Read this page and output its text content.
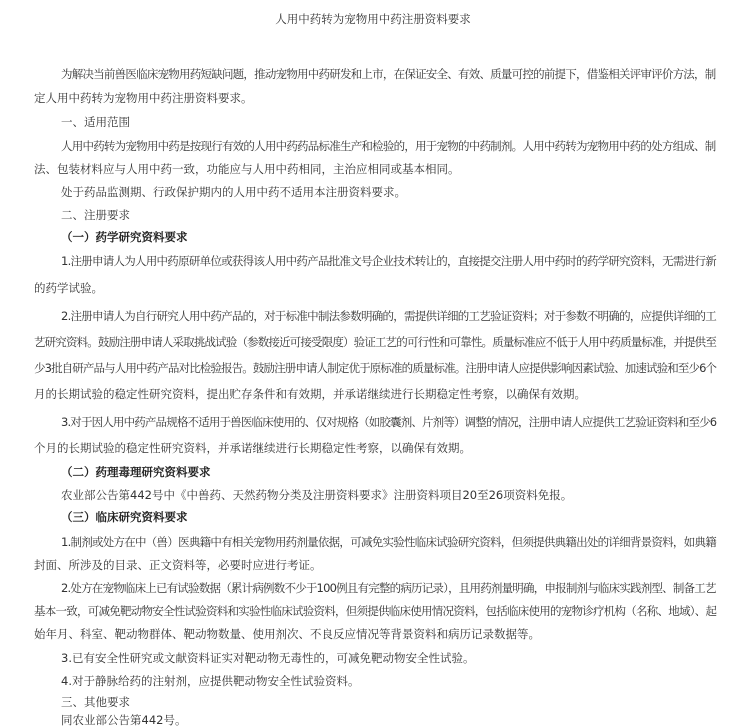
人用中药转为宠物用中药注册资料要求
为解决当前兽医临床宠物用药短缺问题，推动宠物用中药研发和上市，在保证安全、有效、质量可控的前提下，借鉴相关评审评价方法，制
定人用中药转为宠物用中药注册资料要求。
一、适用范围
人用中药转为宠物用中药是按现行有效的人用中药药品标准生产和检验的，用于宠物的中药制剂。人用中药转为宠物用中药的处方组成、制
法、包装材料应与人用中药一致，功能应与人用中药相同，主治应相同或基本相同。
处于药品监测期、行政保护期内的人用中药不适用本注册资料要求。
二、注册要求
（一）药学研究资料要求
1.注册申请人为人用中药原研单位或获得该人用中药产品批准文号企业技术转让的，直接提交注册人用中药时的药学研究资料，无需进行新
的药学试验。
2.注册申请人为自行研究人用中药产品的，对于标准中制法参数明确的，需提供详细的工艺验证资料；对于参数不明确的，应提供详细的工
艺研究资料。鼓励注册申请人采取挑战试验（参数接近可接受限度）验证工艺的可行性和可靠性。质量标准应不低于人用中药质量标准，并提供至
少3批自研产品与人用中药产品对比检验报告。鼓励注册申请人制定优于原标准的质量标准。注册申请人应提供影响因素试验、加速试验和至少6个
月的长期试验的稳定性研究资料，提出贮存条件和有效期，并承诺继续进行长期稳定性考察，以确保有效期。
3.对于因人用中药产品规格不适用于兽医临床使用的、仅对规格（如胶囊剂、片剂等）调整的情况，注册申请人应提供工艺验证资料和至少6
个月的长期试验的稳定性研究资料，并承诺继续进行长期稳定性考察，以确保有效期。
（二）药理毒理研究资料要求
农业部公告第442号中《中兽药、天然药物分类及注册资料要求》注册资料项目20至26项资料免报。
（三）临床研究资料要求
1.制剂或处方在中（兽）医典籍中有相关宠物用药剂量依据，可减免实验性临床试验研究资料，但须提供典籍出处的详细背景资料，如典籍
封面、所涉及的目录、正文资料等，必要时应进行考证。
2.处方在宠物临床上已有试验数据（累计病例数不少于100例且有完整的病历记录），且用药剂量明确，申报制剂与临床实践剂型、制备工艺
基本一致，可减免靶动物安全性试验资料和实验性临床试验资料，但须提供临床使用情况资料，包括临床使用的宠物诊疗机构（名称、地域）、起
始年月、科室、靶动物群体、靶动物数量、使用剂次、不良反应情况等背景资料和病历记录数据等。
3.已有安全性研究或文献资料证实对靶动物无毒性的，可减免靶动物安全性试验。
4.对于静脉给药的注射剂，应提供靶动物安全性试验资料。
三、其他要求
同农业部公告第442号。
